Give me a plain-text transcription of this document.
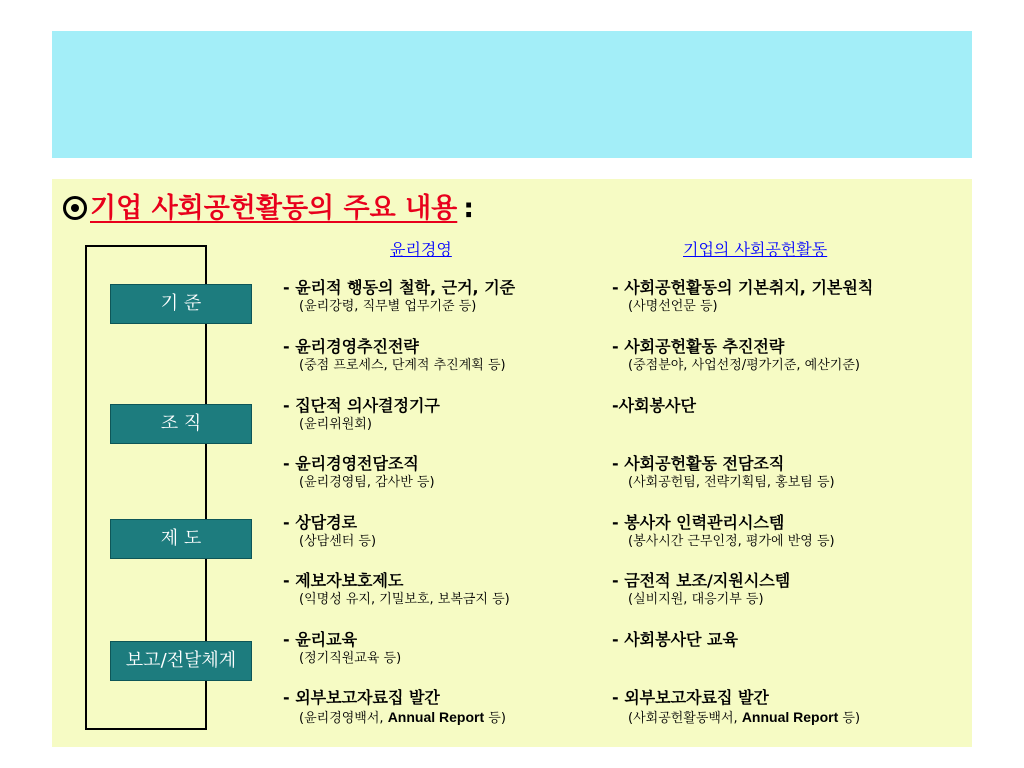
기업 사회공헌활동의 주요 내용 :
기 준
조 직
제 도
보고/전달체계
윤리경영	기업의 사회공헌활동
- 윤리적 행동의 철학, 근거, 기준
(윤리강령, 직무별 업무기준 등)
- 사회공헌활동의 기본취지, 기본원칙
(사명선언문 등)
- 윤리경영추진전략
(중점 프로세스, 단계적 추진계획 등)
- 사회공헌활동 추진전략
(중점분야, 사업선정/평가기준, 예산기준)
- 집단적 의사결정기구
(윤리위원회)
-사회봉사단
- 윤리경영전담조직
(윤리경영팀, 감사반 등)
- 사회공헌활동 전담조직
(사회공헌팀, 전략기획팀, 홍보팀 등)
- 상담경로
(상담센터 등)
- 봉사자 인력관리시스템
(봉사시간 근무인정, 평가에 반영 등)
- 제보자보호제도
(익명성 유지, 기밀보호, 보복금지 등)
- 금전적 보조/지원시스템
(실비지원, 대응기부 등)
- 윤리교육
(정기직원교육 등)
- 사회봉사단 교육
- 외부보고자료집 발간
(윤리경영백서, Annual Report 등)
- 외부보고자료집 발간
(사회공헌활동백서, Annual Report 등)
